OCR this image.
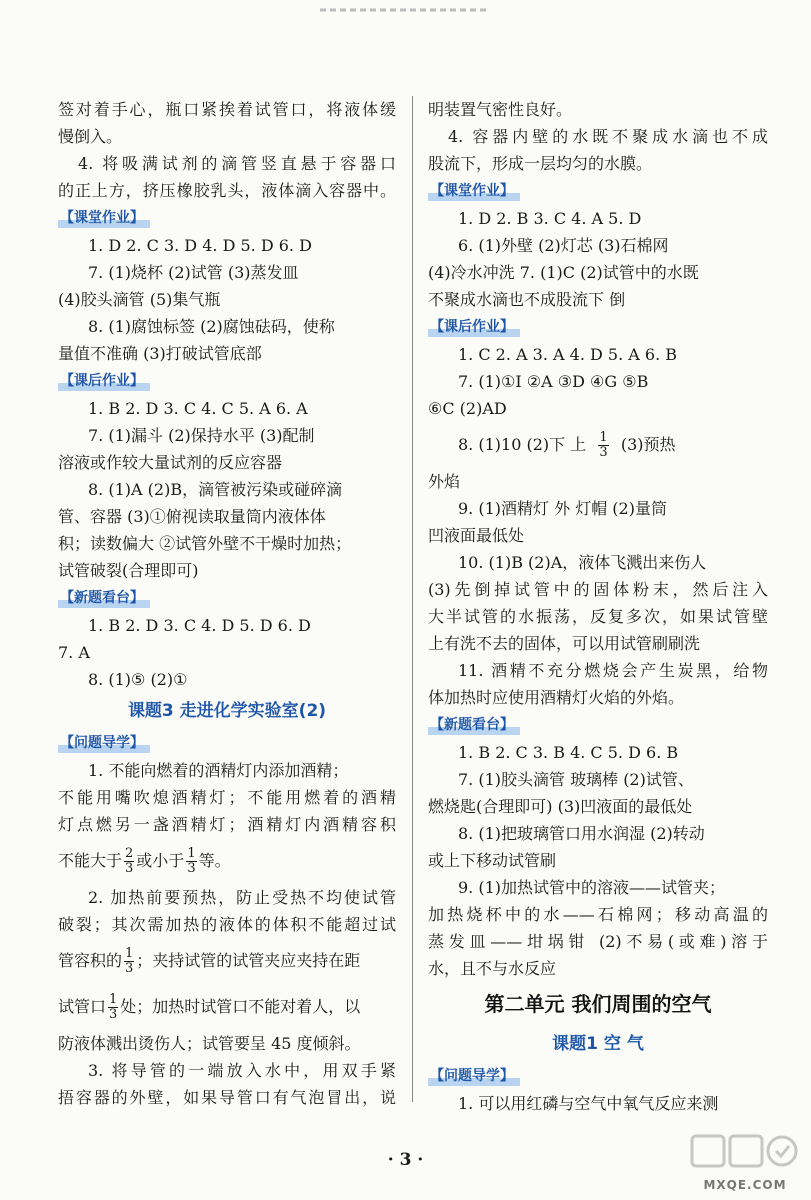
签对着手心，瓶口紧挨着试管口，将液体缓
慢倒入。
4. 将吸满试剂的滴管竖直悬于容器口
的正上方，挤压橡胶乳头，液体滴入容器中。
【课堂作业】
1. D 2. C 3. D 4. D 5. D 6. D
7. (1)烧杯 (2)试管 (3)蒸发皿
(4)胶头滴管 (5)集气瓶
8. (1)腐蚀标签 (2)腐蚀砝码，使称
量值不准确 (3)打破试管底部
【课后作业】
1. B 2. D 3. C 4. C 5. A 6. A
7. (1)漏斗 (2)保持水平 (3)配制
溶液或作较大量试剂的反应容器
8. (1)A (2)B，滴管被污染或碰碎滴
管、容器 (3)①俯视读取量筒内液体体
积；读数偏大 ②试管外壁不干燥时加热；
试管破裂(合理即可)
【新题看台】
1. B 2. D 3. C 4. D 5. D 6. D
7. A
8. (1)⑤ (2)①
课题3 走进化学实验室(2)
【问题导学】
1. 不能向燃着的酒精灯内添加酒精；
不能用嘴吹熄酒精灯；不能用燃着的酒精
灯点燃另一盏酒精灯；酒精灯内酒精容积
不能大于 $\frac{2}{3}$ 或小于 $\frac{1}{3}$ 等。
2. 加热前要预热，防止受热不均使试管
破裂；其次需加热的液体的体积不能超过试
管容积的 $\frac{1}{3}$ ；夹持试管的试管夹应夹持在距
试管口 $\frac{1}{3}$ 处；加热时试管口不能对着人，以
防液体溅出烫伤人；试管要呈 45 度倾斜。
3. 将导管的一端放入水中，用双手紧
捂容器的外壁，如果导管口有气泡冒出，说
明装置气密性良好。
4. 容器内壁的水既不聚成水滴也不成
股流下，形成一层均匀的水膜。
【课堂作业】
1. D 2. B 3. C 4. A 5. D
6. (1)外壁 (2)灯芯 (3)石棉网
(4)冷水冲洗 7. (1)C (2)试管中的水既
不聚成水滴也不成股流下 倒
【课后作业】
1. C 2. A 3. A 4. D 5. A 6. B
7. (1)①I ②A ③D ④G ⑤B
⑥C (2)AD
8. (1)10 (2)下 上 $\frac{1}{3} (3)$预热
外焰
9. (1)酒精灯 外 灯帽 (2)量筒
凹液面最低处
10. (1)B (2)A，液体飞溅出来伤人
(3)先倒掉试管中的固体粉末，然后注入
大半试管的水振荡，反复多次，如果试管壁
上有洗不去的固体，可以用试管刷刷洗
11. 酒精不充分燃烧会产生炭黑，给物
体加热时应使用酒精灯火焰的外焰。
【新题看台】
1. B 2. C 3. B 4. C 5. D 6. B
7. (1)胶头滴管 玻璃棒 (2)试管、
燃烧匙(合理即可) (3)凹液面的最低处
8. (1)把玻璃管口用水润湿 (2)转动
或上下移动试管刷
9. (1)加热试管中的溶液——试管夹；
加热烧杯中的水——石棉网；移动高温的
蒸发皿——坩埚钳 (2)不易(或难)溶于
水，且不与水反应
第二单元 我们周围的空气
课题1 空 气
【问题导学】
1. 可以用红磷与空气中氧气反应来测
· 3 ·
MXQE.COM
